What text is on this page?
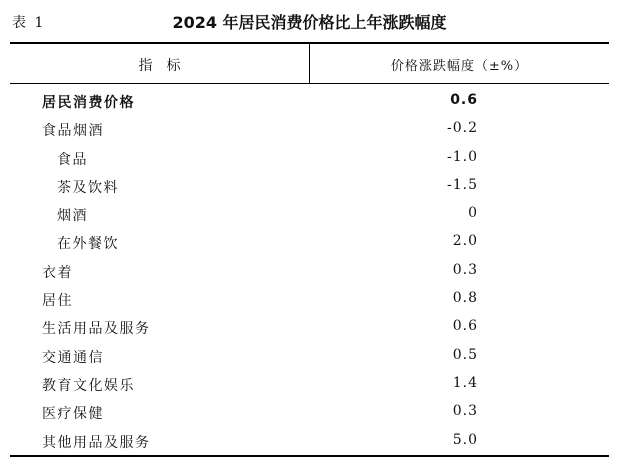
表 1	2024 年居民消费价格比上年涨跌幅度
指标	价格涨跌幅度（±%）
居民消费价格	0.6
食品烟酒	-0.2
食品	-1.0
茶及饮料	-1.5
烟酒	0
在外餐饮	2.0
衣着	0.3
居住	0.8
生活用品及服务	0.6
交通通信	0.5
教育文化娱乐	1.4
医疗保健	0.3
其他用品及服务	5.0
